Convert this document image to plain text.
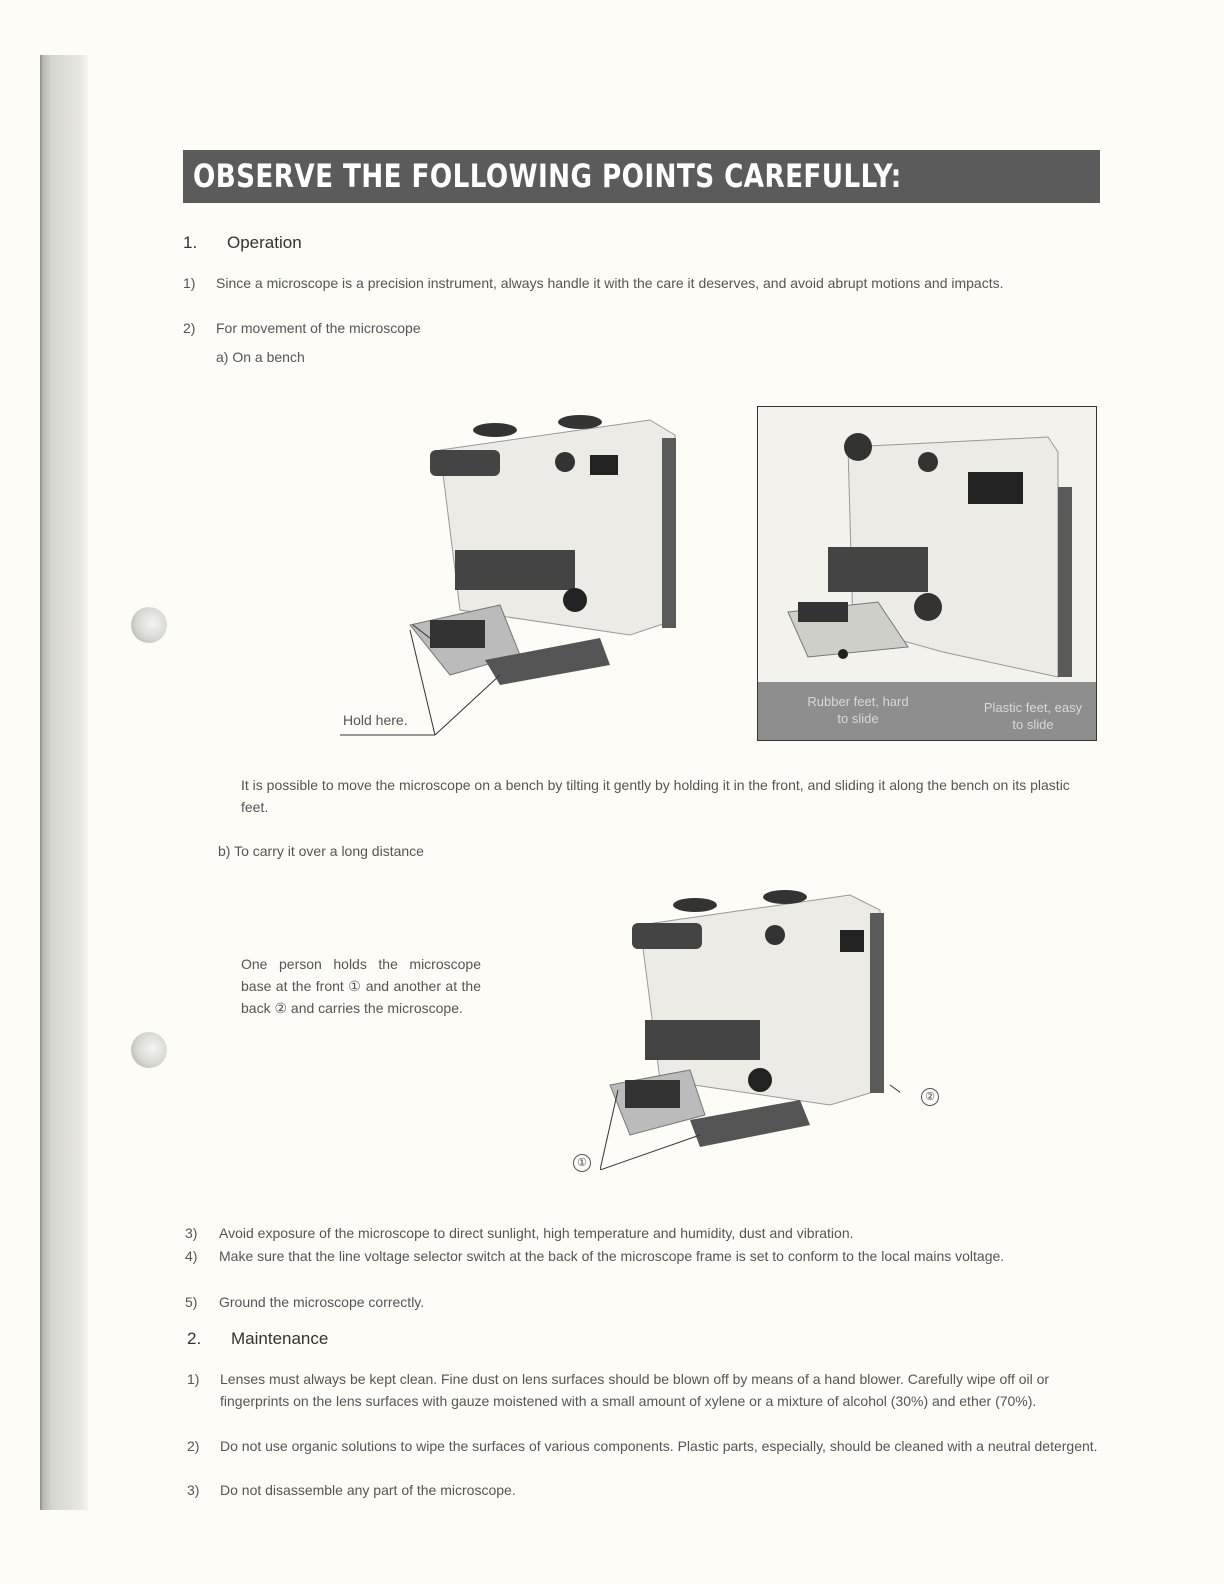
OBSERVE THE FOLLOWING POINTS CAREFULLY:
1. Operation
1) Since a microscope is a precision instrument, always handle it with the care it deserves, and avoid abrupt motions and impacts.
2) For movement of the microscope
a) On a bench
Hold here.
Rubber feet, hard to slide
Plastic feet, easy to slide
It is possible to move the microscope on a bench by tilting it gently by holding it in the front, and sliding it along the bench on its plastic feet.
b) To carry it over a long distance
One person holds the microscope base at the front ① and another at the back ② and carries the microscope.
①
②
3) Avoid exposure of the microscope to direct sunlight, high temperature and humidity, dust and vibration.
4) Make sure that the line voltage selector switch at the back of the microscope frame is set to conform to the local mains voltage.
5) Ground the microscope correctly.
2. Maintenance
1) Lenses must always be kept clean. Fine dust on lens surfaces should be blown off by means of a hand blower. Carefully wipe off oil or fingerprints on the lens surfaces with gauze moistened with a small amount of xylene or a mixture of alcohol (30%) and ether (70%).
2) Do not use organic solutions to wipe the surfaces of various components. Plastic parts, especially, should be cleaned with a neutral detergent.
3) Do not disassemble any part of the microscope.
